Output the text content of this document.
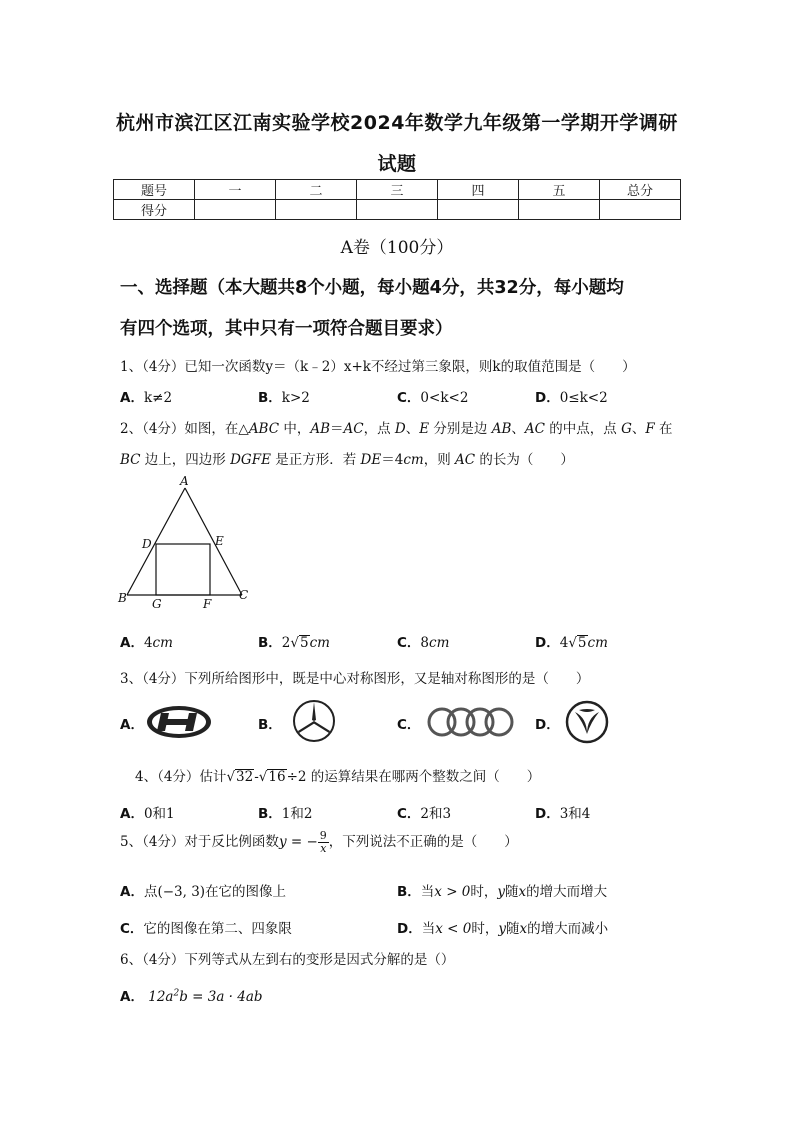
杭州市滨江区江南实验学校2024年数学九年级第一学期开学调研
试题
题号	一	二	三	四	五	总分
得分						
A卷（100分）
一、选择题（本大题共8个小题，每小题4分，共32分，每小题均
有四个选项，其中只有一项符合题目要求）
1、（4分）已知一次函数y＝（k﹣2）x+k不经过第三象限，则k的取值范围是（　　）
A．k≠2	B．k>2	C．0<k<2	D．0≤k<2
2、（4分）如图，在△ABC 中，AB＝AC，点 D、E 分别是边 AB、AC 的中点，点 G、F 在
BC 边上，四边形 DGFE 是正方形．若 DE＝4cm，则 AC 的长为（　　）
A
D	E
B	C
G	F
A．4cm	B．2√5cm	C．8cm	D．4√5cm
3、（4分）下列所给图形中，既是中心对称图形，又是轴对称图形的是（　　）
A．	B．	C．	D．
4、（4分）估计√32-√16÷2 的运算结果在哪两个整数之间（　　）
A．0和1	B．1和2	C．2和3	D．3和4
5、（4分）对于反比例函数y = − $\frac{9}{x}$ ，下列说法不正确的是（　　）
A．点(−3, 3)在它的图像上	B．当x > 0时，y随x的增大而增大
C．它的图像在第二、四象限	D．当x < 0时，y随x的增大而减小
6、（4分）下列等式从左到右的变形是因式分解的是（）
A． $12a^2b = 3a \cdot 4ab$
